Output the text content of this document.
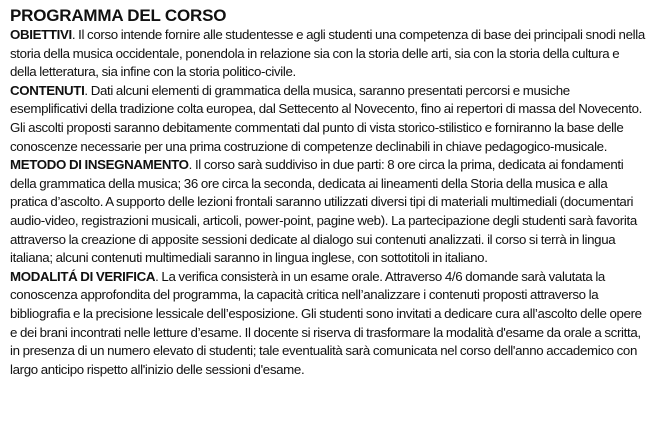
PROGRAMMA DEL CORSO

OBIETTIVI. Il corso intende fornire alle studentesse e agli studenti una competenza di base dei principali snodi nella storia della musica occidentale, ponendola in relazione sia con la storia delle arti, sia con la storia della cultura e della letteratura, sia infine con la storia politico-civile.

CONTENUTI. Dati alcuni elementi di grammatica della musica, saranno presentati percorsi e musiche esemplificativi della tradizione colta europea, dal Settecento al Novecento, fino ai repertori di massa del Novecento. Gli ascolti proposti saranno debitamente commentati dal punto di vista storico-stilistico e forniranno la base delle conoscenze necessarie per una prima costruzione di competenze declinabili in chiave pedagogico-musicale.

METODO DI INSEGNAMENTO. Il corso sarà suddiviso in due parti: 8 ore circa la prima, dedicata ai fondamenti della grammatica della musica; 36 ore circa la seconda, dedicata ai lineamenti della Storia della musica e alla pratica d’ascolto. A supporto delle lezioni frontali saranno utilizzati diversi tipi di materiali multimediali (documentari audio-video, registrazioni musicali, articoli, power-point, pagine web). La partecipazione degli studenti sarà favorita attraverso la creazione di apposite sessioni dedicate al dialogo sui contenuti analizzati. il corso si terrà in lingua italiana; alcuni contenuti multimediali saranno in lingua inglese, con sottotitoli in italiano.

MODALITÁ DI VERIFICA. La verifica consisterà in un esame orale. Attraverso 4/6 domande sarà valutata la conoscenza approfondita del programma, la capacità critica nell’analizzare i contenuti proposti attraverso la bibliografia e la precisione lessicale dell’esposizione. Gli studenti sono invitati a dedicare cura all’ascolto delle opere e dei brani incontrati nelle letture d’esame. Il docente si riserva di trasformare la modalità d'esame da orale a scritta, in presenza di un numero elevato di studenti; tale eventualità sarà comunicata nel corso dell'anno accademico con largo anticipo rispetto all'inizio delle sessioni d'esame.
